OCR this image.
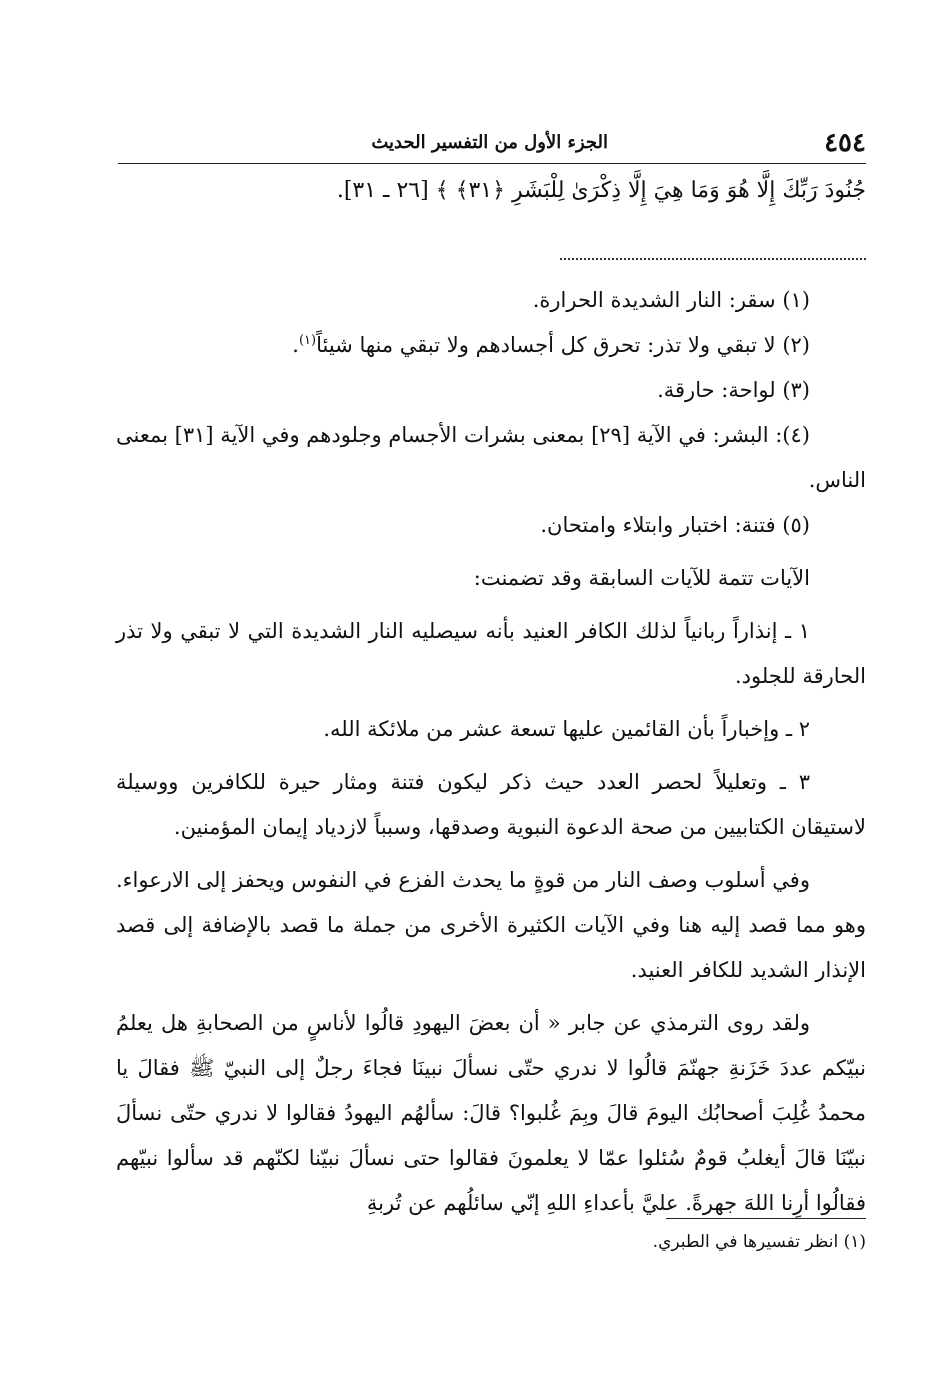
٤٥٤
الجزء الأول من التفسير الحديث
جُنُودَ رَبِّكَ إِلَّا هُوَ وَمَا هِيَ إِلَّا ذِكْرَىٰ لِلْبَشَرِ ﴿٣١﴾ ﴾ [٢٦ ـ ٣١].

(١) سقر: النار الشديدة الحرارة.

(٢) لا تبقي ولا تذر: تحرق كل أجسادهم ولا تبقي منها شيئاً$^{(١)}$.

(٣) لواحة: حارقة.

(٤): البشر: في الآية [٢٩] بمعنى بشرات الأجسام وجلودهم وفي الآية [٣١] بمعنى الناس.

(٥) فتنة: اختبار وابتلاء وامتحان.

الآيات تتمة للآيات السابقة وقد تضمنت:

١ ـ إنذاراً ربانياً لذلك الكافر العنيد بأنه سيصليه النار الشديدة التي لا تبقي ولا تذر الحارقة للجلود.

٢ ـ وإخباراً بأن القائمين عليها تسعة عشر من ملائكة الله.

٣ ـ وتعليلاً لحصر العدد حيث ذكر ليكون فتنة ومثار حيرة للكافرين ووسيلة لاستيقان الكتابيين من صحة الدعوة النبوية وصدقها، وسبباً لازدياد إيمان المؤمنين.

وفي أسلوب وصف النار من قوةٍ ما يحدث الفزع في النفوس ويحفز إلى الارعواء. وهو مما قصد إليه هنا وفي الآيات الكثيرة الأخرى من جملة ما قصد بالإضافة إلى قصد الإنذار الشديد للكافر العنيد.

ولقد روى الترمذي عن جابر « أن بعضَ اليهودِ قالُوا لأناسٍ من الصحابةِ هل يعلمُ نبيّكم عددَ خَزَنةِ جهنّمَ قالُوا لا ندري حتّى نسألَ نبينَا فجاءَ رجلٌ إلى النبيّ ﷺ فقالَ يا محمدُ غُلِبَ أصحابُك اليومَ قالَ وبِمَ غُلبوا؟ قالَ: سألهُم اليهودُ فقالوا لا ندري حتّى نسألَ نبيّنَا قالَ أيغلبُ قومٌ سُئلوا عمّا لا يعلمونَ فقالوا حتى نسألَ نبيّنا لكنّهم قد سألوا نبيّهم فقالُوا أرِنا اللهَ جهرةً. عليَّ بأعداءِ اللهِ إنّي سائلُهم عن تُربةِ

(١) انظر تفسيرها في الطبري.
